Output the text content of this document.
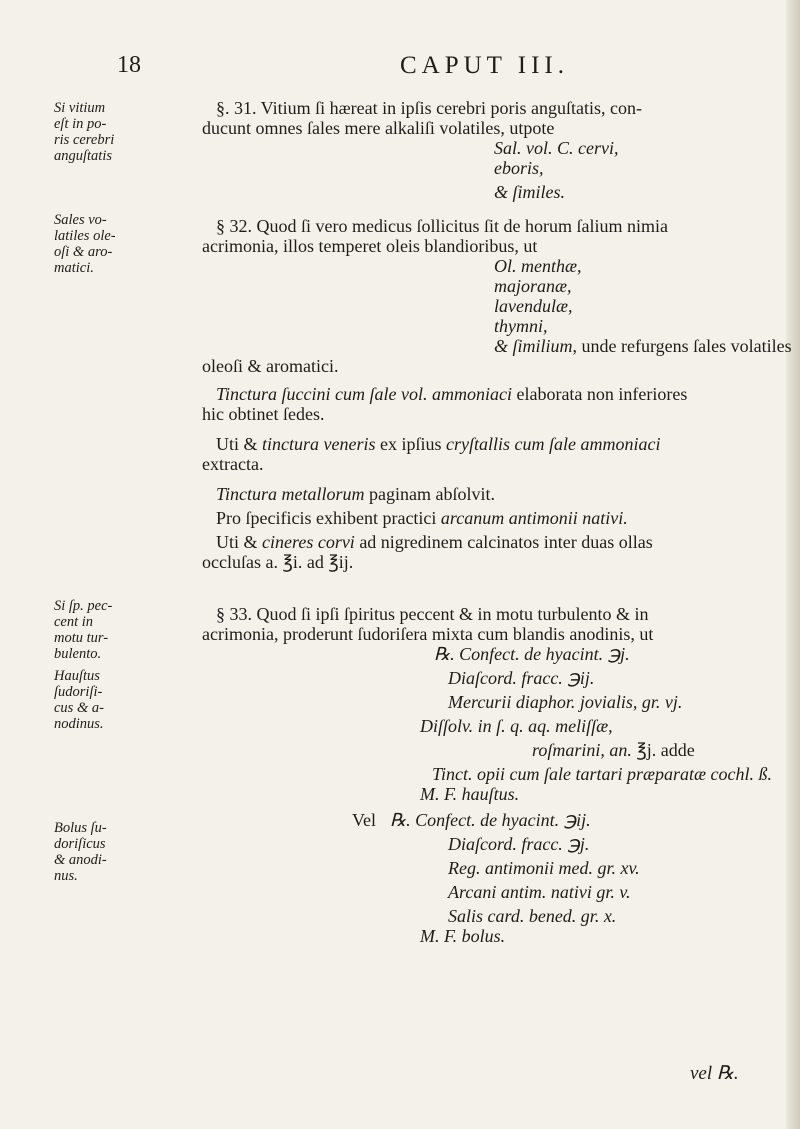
18	CAPUT III.
Si vitium
eſt in po-
ris cerebri
anguſtatis
Sales vo-
latiles ole-
oſi & aro-
matici.
Si ſp. pec-
cent in
motu tur-
bulento.
Hauſtus
ſudoriſi-
cus & a-
nodinus.
Bolus ſu-
doriſicus
& anodi-
nus.
§. 31. Vitium ſi hæreat in ipſis cerebri poris anguſtatis, con-
ducunt omnes ſales mere alkaliſi volatiles, utpote
Sal. vol. C. cervi,
eboris,
& ſimiles.
§ 32. Quod ſi vero medicus ſollicitus ſit de horum ſalium nimia
acrimonia, illos temperet oleis blandioribus, ut
Ol. menthæ,
majoranæ,
lavendulæ,
thymni,
& ſimilium, unde refurgens ſales volatiles
oleoſi & aromatici.
Tinctura ſuccini cum ſale vol. ammoniaci elaborata non inferiores
hic obtinet ſedes.
Uti & tinctura veneris ex ipſius cryſtallis cum ſale ammoniaci
extracta.
Tinctura metallorum paginam abſolvit.
Pro ſpecificis exhibent practici arcanum antimonii nativi.
Uti & cineres corvi ad nigredinem calcinatos inter duas ollas
occluſas a. ℥i. ad ℥ij.
§ 33. Quod ſi ipſi ſpiritus peccent & in motu turbulento & in
acrimonia, proderunt ſudoriſera mixta cum blandis anodinis, ut
℞. Confect. de hyacint. ℈j.
Diaſcord. fracc. ℈ij.
Mercurii diaphor. jovialis, gr. vj.
Diſſolv. in ſ. q. aq. meliſſæ,
roſmarini, an. ℥j. adde
Tinct. opii cum ſale tartari præparatæ cochl. ß.
M. F. hauſtus.
Vel ℞. Confect. de hyacint. ℈ij.
Diaſcord. fracc. ℈j.
Reg. antimonii med. gr. xv.
Arcani antim. nativi gr. v.
Salis card. bened. gr. x.
M. F. bolus.
vel ℞.
